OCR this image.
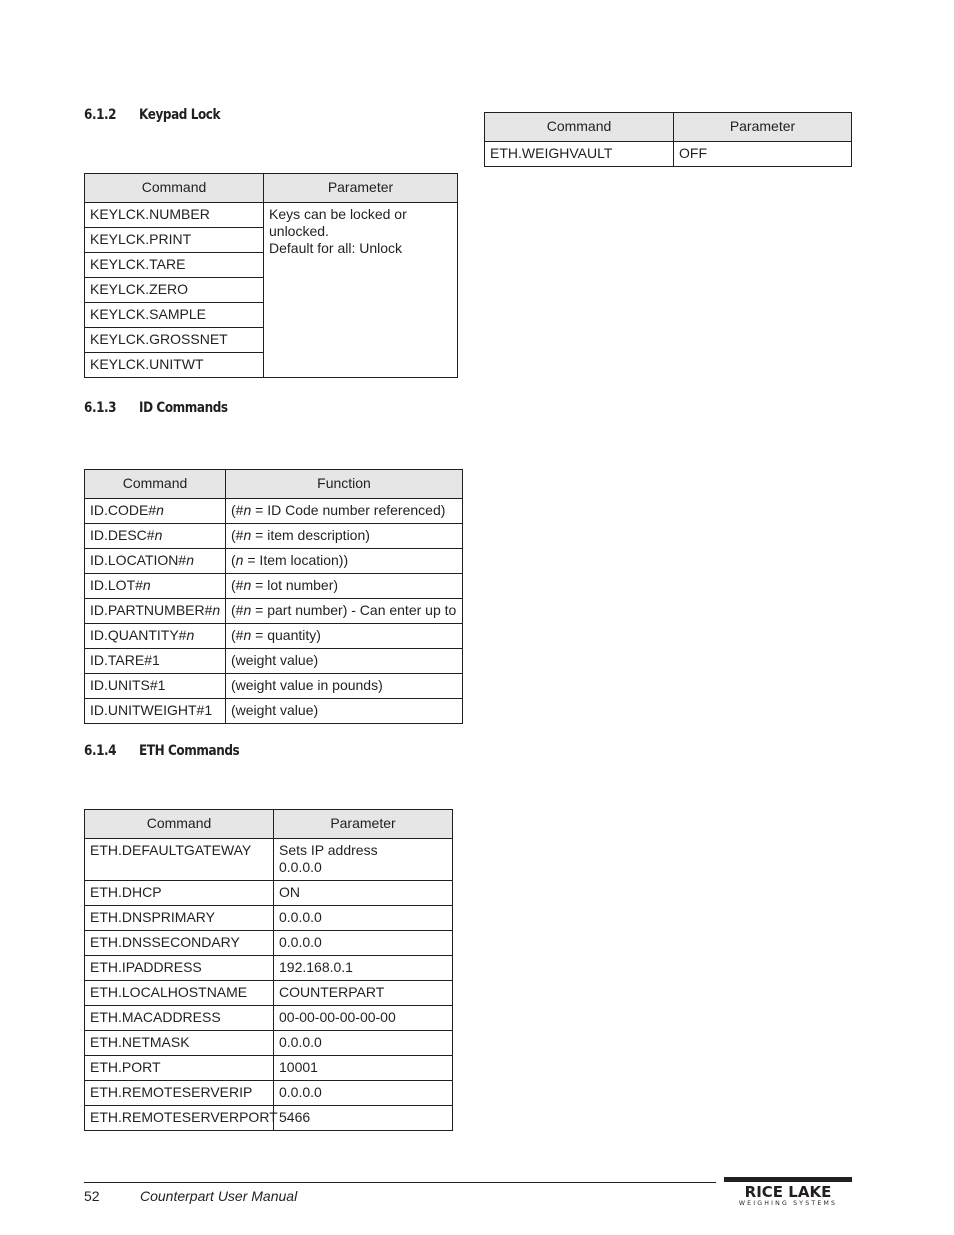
6.1.2 Keypad Lock
Command	Parameter
KEYLCK.NUMBER	Keys can be locked or unlocked.
Default for all: Unlock

KEYLCK.PRINT	
KEYLCK.TARE	
KEYLCK.ZERO	
KEYLCK.SAMPLE	
KEYLCK.GROSSNET	
KEYLCK.UNITWT	
6.1.3 ID Commands
Command	Function
ID.CODE#n	(#n = ID Code number referenced)
ID.DESC#n	(#n = item description)
ID.LOCATION#n	(n = Item location))
ID.LOT#n	(#n = lot number)
ID.PARTNUMBER#n	(#n = part number) - Can enter up to
ID.QUANTITY#n	(#n = quantity)
ID.TARE#1	(weight value)
ID.UNITS#1	(weight value in pounds)
ID.UNITWEIGHT#1	(weight value)
6.1.4 ETH Commands
Command	Parameter
ETH.DEFAULTGATEWAY	Sets IP address
0.0.0.0

ETH.DHCP	ON

ETH.DNSPRIMARY	0.0.0.0

ETH.DNSSECONDARY	0.0.0.0

ETH.IPADDRESS	192.168.0.1

ETH.LOCALHOSTNAME	COUNTERPART

ETH.MACADDRESS	00-00-00-00-00-00

ETH.NETMASK	0.0.0.0

ETH.PORT	10001

ETH.REMOTESERVERIP	0.0.0.0

ETH.REMOTESERVERPORT	5466
Command	Parameter
ETH.WEIGHVAULT	OFF
52	Counterpart User Manual	RICE LAKE
WEIGHING SYSTEMS
